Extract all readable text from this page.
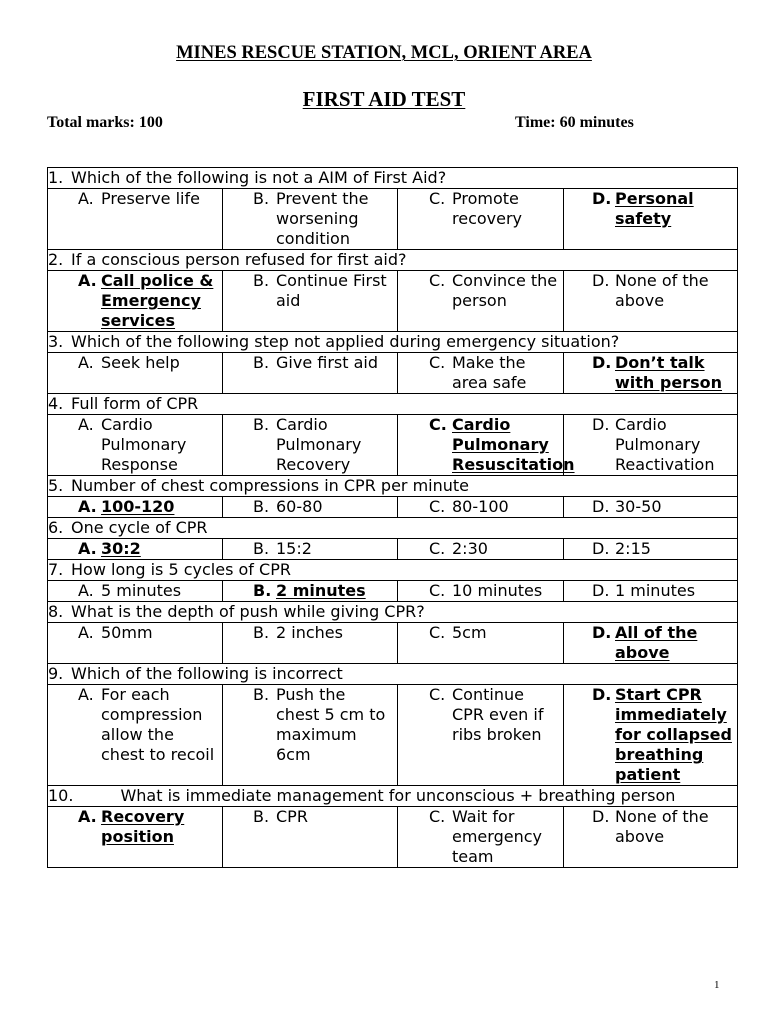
MINES RESCUE STATION, MCL, ORIENT AREA
FIRST AID TEST
Total marks: 100	Time: 60 minutes
1. Which of the following is not a AIM of First Aid?			

A. Preserve life	B. Prevent the worsening condition	C. Promote recovery	D. Personal safety

2. If a conscious person refused for first aid?			

A. Call police & Emergency services	B. Continue First aid	C. Convince the person	D. None of the above

3. Which of the following step not applied during emergency situation?			

A. Seek help	B. Give first aid	C. Make the area safe	D. Don’t talk with person

4. Full form of CPR			

A. Cardio Pulmonary Response	B. Cardio Pulmonary Recovery	C. Cardio Pulmonary Resuscitation	D. Cardio Pulmonary Reactivation

5. Number of chest compressions in CPR per minute			

A. 100-120	B. 60-80	C. 80-100	D. 30-50

6. One cycle of CPR			

A. 30:2	B. 15:2	C. 2:30	D. 2:15

7. How long is 5 cycles of CPR			

A. 5 minutes	B. 2 minutes	C. 10 minutes	D. 1 minutes

8. What is the depth of push while giving CPR?			

A. 50mm	B. 2 inches	C. 5cm	D. All of the above

9. Which of the following is incorrect			

A. For each compression allow the chest to recoil	B. Push the chest 5 cm to maximum 6cm	C. Continue CPR even if ribs broken	D. Start CPR immediately for collapsed breathing patient

10. What is immediate management for unconscious + breathing person			

A. Recovery position	B. CPR	C. Wait for emergency team	D. None of the above
1
